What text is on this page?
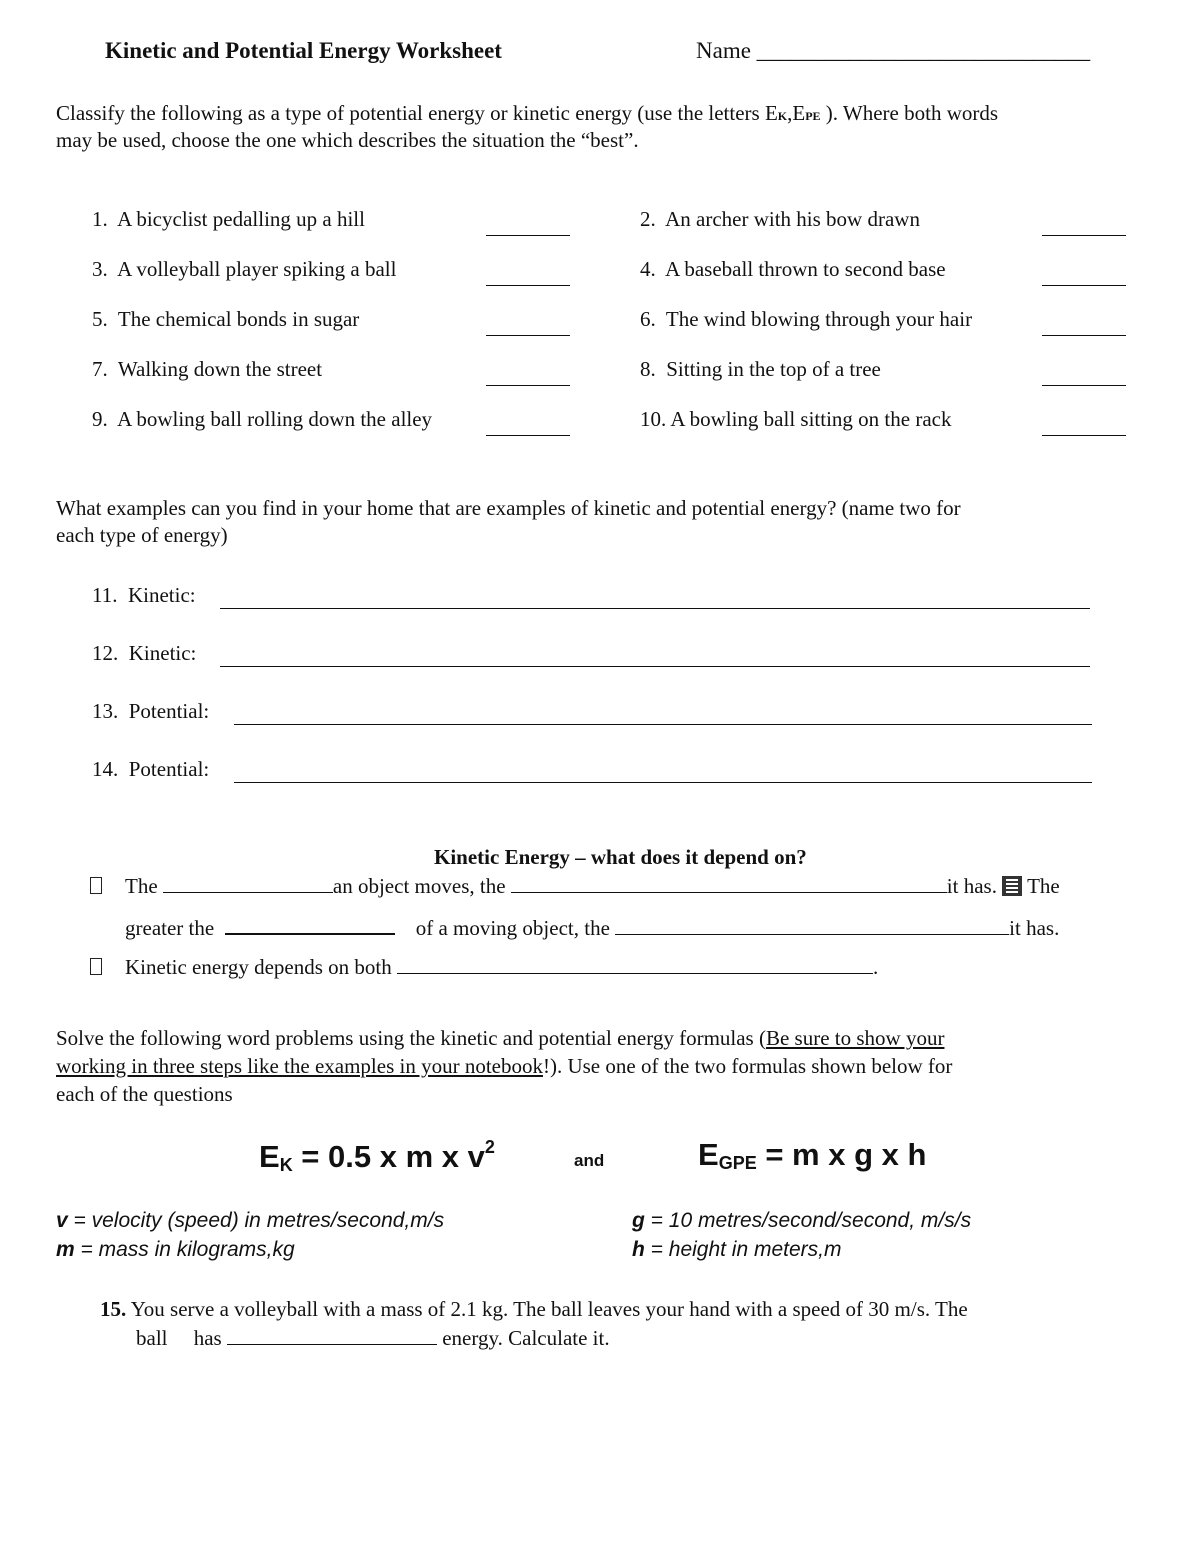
Kinetic and Potential Energy Worksheet	Name _____________________________
Classify the following as a type of potential energy or kinetic energy (use the letters EK,EPE ). Where both words
may be used, choose the one which describes the situation the “best”.
1. A bicyclist pedalling up a hill
3. A volleyball player spiking a ball
5. The chemical bonds in sugar
7. Walking down the street
9. A bowling ball rolling down the alley
2. An archer with his bow drawn
4. A baseball thrown to second base
6. The wind blowing through your hair
8. Sitting in the top of a tree
10. A bowling ball sitting on the rack
What examples can you find in your home that are examples of kinetic and potential energy? (name two for
each type of energy)
11. Kinetic:
12. Kinetic:
13. Potential:
14. Potential:
Kinetic Energy – what does it depend on?
The	an object moves, the	it has. The
greater the	of a moving object, the	it has.
Kinetic energy depends on both	.
Solve the following word problems using the kinetic and potential energy formulas (Be sure to show your
working in three steps like the examples in your notebook!). Use one of the two formulas shown below for
each of the questions
$E_K = 0.5$ x m x $v^2$
and	$E_{GPE} = m$ x g x h
v = velocity (speed) in metres/second,m/s
m = mass in kilograms,kg
g = 10 metres/second/second, m/s/s
h = height in meters,m
15. You serve a volleyball with a mass of 2.1 kg. The ball leaves your hand with a speed of 30 m/s. The
ball     has	energy. Calculate it.
